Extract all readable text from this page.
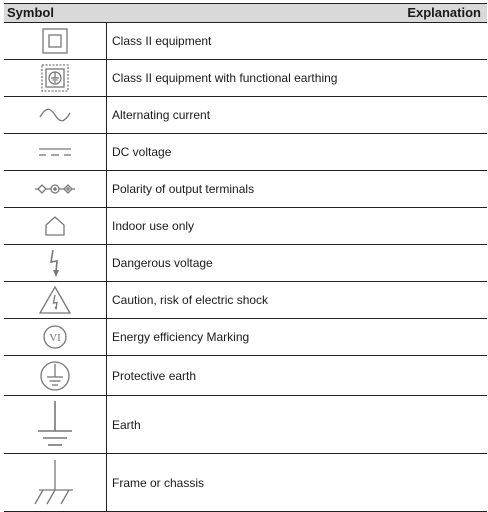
Symbol	Explanation
Class II equipment
Class II equipment with functional earthing
Alternating current
DC voltage
Polarity of output terminals
Indoor use only
Dangerous voltage
Caution, risk of electric shock
VI	Energy efficiency Marking
Protective earth
Earth
Frame or chassis
